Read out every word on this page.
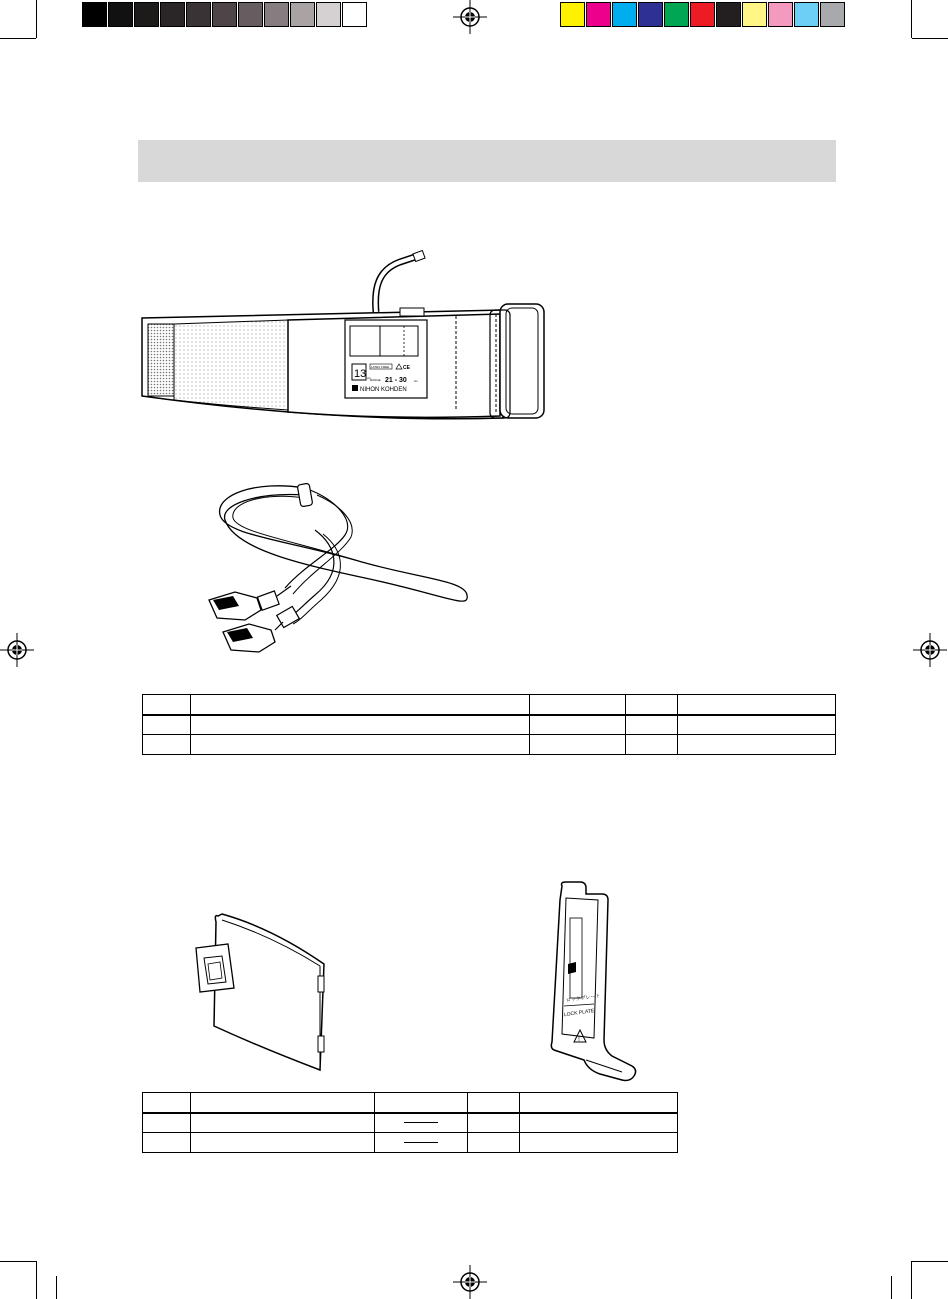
13 cm
LATEX FREE	CE
RANGE 21 - 30 cm
NIHON KOHDEN

ロックプレート
LOCK PLATE
!
